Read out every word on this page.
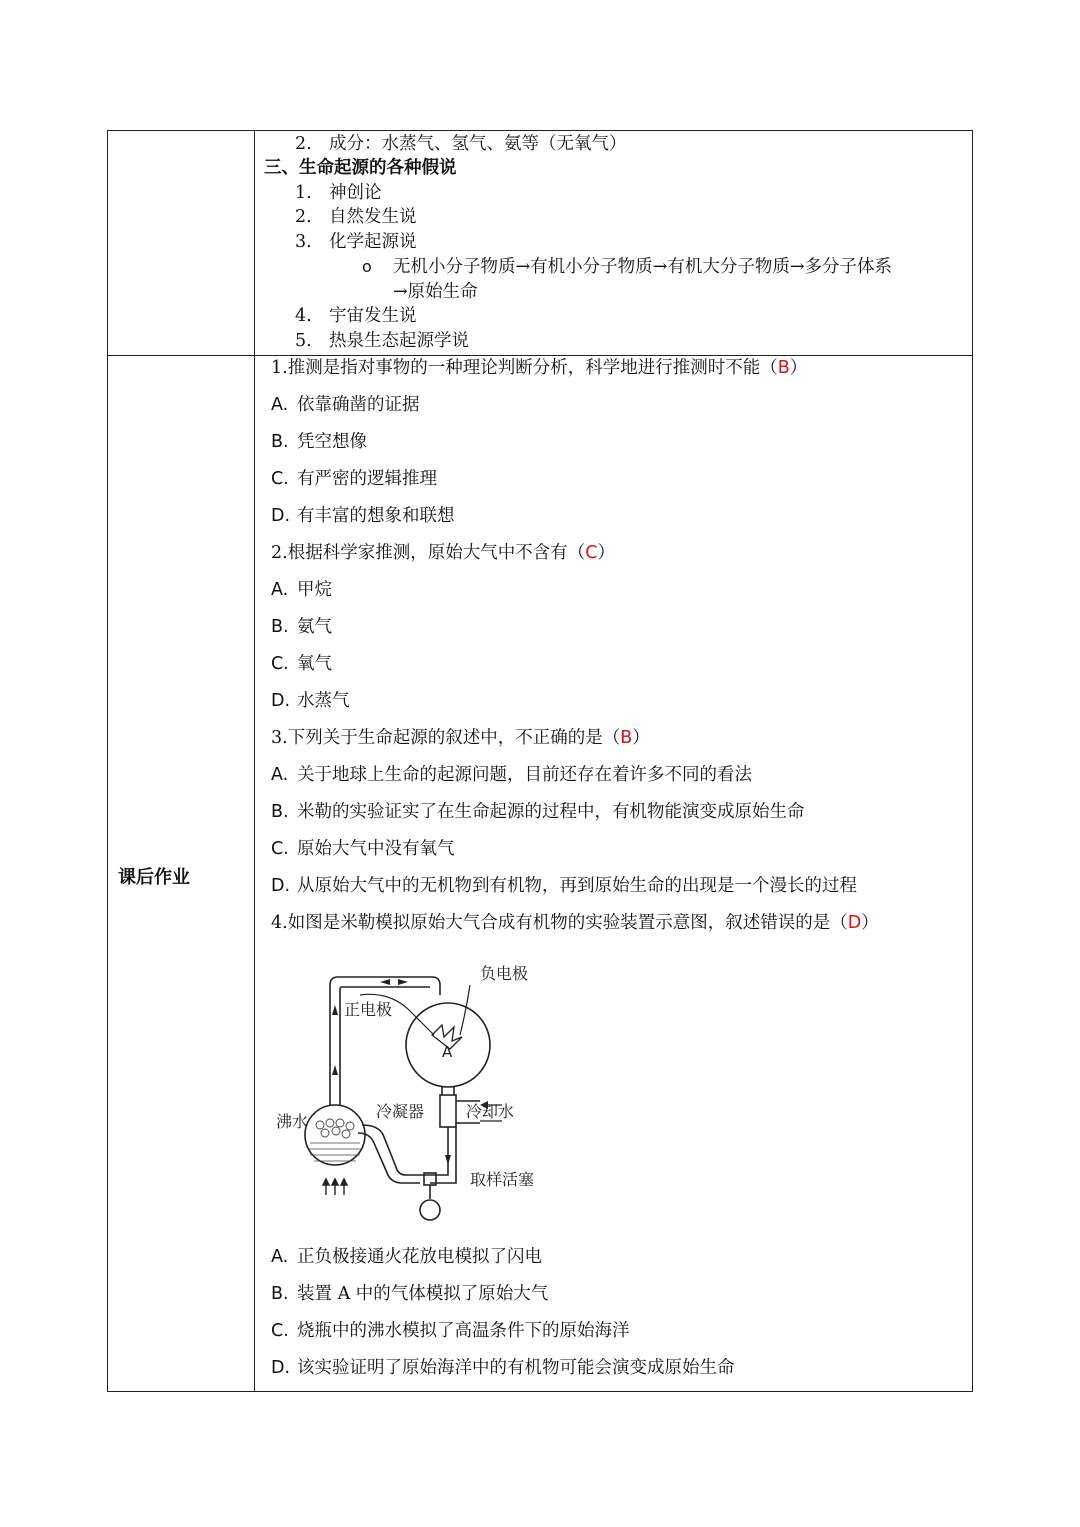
课后作业
2. 成分：水蒸气、氢气、氨等（无氧气）
三、生命起源的各种假说
1. 神创论
2. 自然发生说
3. 化学起源说
o 无机小分子物质→有机小分子物质→有机大分子物质→多分子体系
→原始生命
4. 宇宙发生说
5. 热泉生态起源学说
1.推测是指对事物的一种理论判断分析，科学地进行推测时不能（B）
A. 依靠确凿的证据
B. 凭空想像
C. 有严密的逻辑推理
D. 有丰富的想象和联想
2.根据科学家推测，原始大气中不含有（C）
A. 甲烷
B. 氨气
C. 氧气
D. 水蒸气
3.下列关于生命起源的叙述中，不正确的是（B）
A. 关于地球上生命的起源问题，目前还存在着许多不同的看法
B. 米勒的实验证实了在生命起源的过程中，有机物能演变成原始生命
C. 原始大气中没有氧气
D. 从原始大气中的无机物到有机物，再到原始生命的出现是一个漫长的过程
4.如图是米勒模拟原始大气合成有机物的实验装置示意图，叙述错误的是（D）
负电极
正电极
A
冷凝器	冷却水
沸水
取样活塞
A. 正负极接通火花放电模拟了闪电
B. 装置 A 中的气体模拟了原始大气
C. 烧瓶中的沸水模拟了高温条件下的原始海洋
D. 该实验证明了原始海洋中的有机物可能会演变成原始生命
